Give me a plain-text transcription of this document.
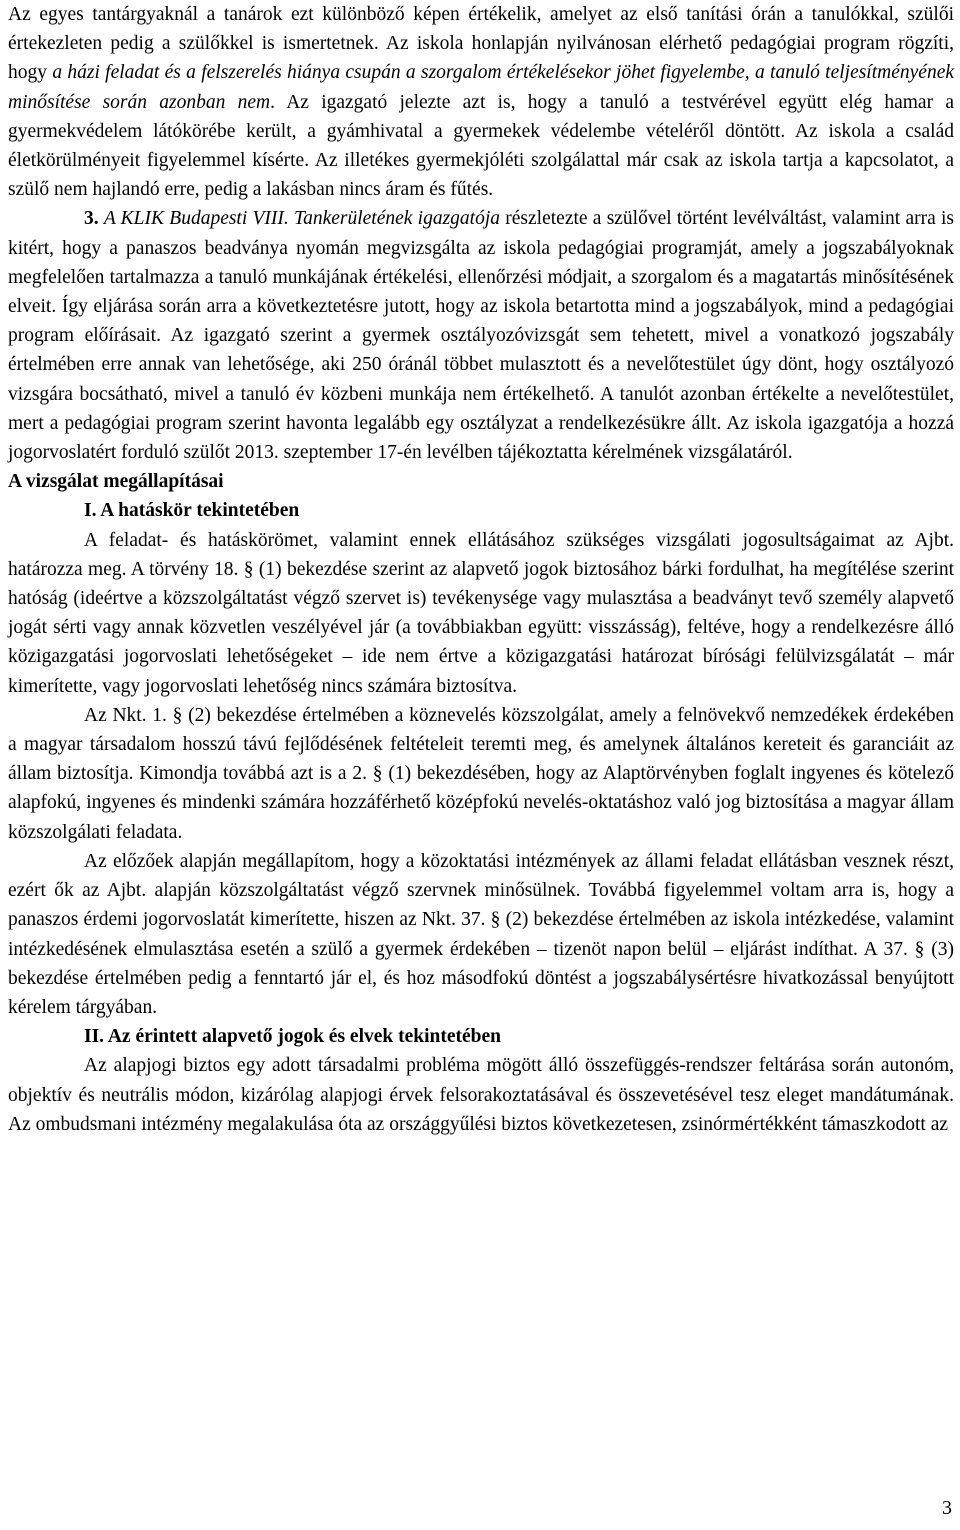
Az egyes tantárgyaknál a tanárok ezt különböző képen értékelik, amelyet az első tanítási órán a tanulókkal, szülői értekezleten pedig a szülőkkel is ismertetnek. Az iskola honlapján nyilvánosan elérhető pedagógiai program rögzíti, hogy a házi feladat és a felszerelés hiánya csupán a szorgalom értékelésekor jöhet figyelembe, a tanuló teljesítményének minősítése során azonban nem. Az igazgató jelezte azt is, hogy a tanuló a testvérével együtt elég hamar a gyermekvédelem látókörébe került, a gyámhivatal a gyermekek védelembe vételéről döntött. Az iskola a család életkörülményeit figyelemmel kísérte. Az illetékes gyermekjóléti szolgálattal már csak az iskola tartja a kapcsolatot, a szülő nem hajlandó erre, pedig a lakásban nincs áram és fűtés.

3. A KLIK Budapesti VIII. Tankerületének igazgatója részletezte a szülővel történt levélváltást, valamint arra is kitért, hogy a panaszos beadványa nyomán megvizsgálta az iskola pedagógiai programját, amely a jogszabályoknak megfelelően tartalmazza a tanuló munkájának értékelési, ellenőrzési módjait, a szorgalom és a magatartás minősítésének elveit. Így eljárása során arra a következtetésre jutott, hogy az iskola betartotta mind a jogszabályok, mind a pedagógiai program előírásait. Az igazgató szerint a gyermek osztályozóvizsgát sem tehetett, mivel a vonatkozó jogszabály értelmében erre annak van lehetősége, aki 250 óránál többet mulasztott és a nevelőtestület úgy dönt, hogy osztályozó vizsgára bocsátható, mivel a tanuló év közbeni munkája nem értékelhető. A tanulót azonban értékelte a nevelőtestület, mert a pedagógiai program szerint havonta legalább egy osztályzat a rendelkezésükre állt. Az iskola igazgatója a hozzá jogorvoslatért forduló szülőt 2013. szeptember 17-én levélben tájékoztatta kérelmének vizsgálatáról.

A vizsgálat megállapításai

I. A hatáskör tekintetében

A feladat- és hatáskörömet, valamint ennek ellátásához szükséges vizsgálati jogosultságaimat az Ajbt. határozza meg. A törvény 18. § (1) bekezdése szerint az alapvető jogok biztosához bárki fordulhat, ha megítélése szerint hatóság (ideértve a közszolgáltatást végző szervet is) tevékenysége vagy mulasztása a beadványt tevő személy alapvető jogát sérti vagy annak közvetlen veszélyével jár (a továbbiakban együtt: visszásság), feltéve, hogy a rendelkezésre álló közigazgatási jogorvoslati lehetőségeket – ide nem értve a közigazgatási határozat bírósági felülvizsgálatát – már kimerítette, vagy jogorvoslati lehetőség nincs számára biztosítva.

Az Nkt. 1. § (2) bekezdése értelmében a köznevelés közszolgálat, amely a felnövekvő nemzedékek érdekében a magyar társadalom hosszú távú fejlődésének feltételeit teremti meg, és amelynek általános kereteit és garanciáit az állam biztosítja. Kimondja továbbá azt is a 2. § (1) bekezdésében, hogy az Alaptörvényben foglalt ingyenes és kötelező alapfokú, ingyenes és mindenki számára hozzáférhető középfokú nevelés-oktatáshoz való jog biztosítása a magyar állam közszolgálati feladata.

Az előzőek alapján megállapítom, hogy a közoktatási intézmények az állami feladat ellátásban vesznek részt, ezért ők az Ajbt. alapján közszolgáltatást végző szervnek minősülnek. Továbbá figyelemmel voltam arra is, hogy a panaszos érdemi jogorvoslatát kimerítette, hiszen az Nkt. 37. § (2) bekezdése értelmében az iskola intézkedése, valamint intézkedésének elmulasztása esetén a szülő a gyermek érdekében – tizenöt napon belül – eljárást indíthat. A 37. § (3) bekezdése értelmében pedig a fenntartó jár el, és hoz másodfokú döntést a jogszabálysértésre hivatkozással benyújtott kérelem tárgyában.

II. Az érintett alapvető jogok és elvek tekintetében

Az alapjogi biztos egy adott társadalmi probléma mögött álló összefüggés-rendszer feltárása során autonóm, objektív és neutrális módon, kizárólag alapjogi érvek felsorakoztatásával és összevetésével tesz eleget mandátumának. Az ombudsmani intézmény megalakulása óta az országgyűlési biztos következetesen, zsinórmértékként támaszkodott az

3
